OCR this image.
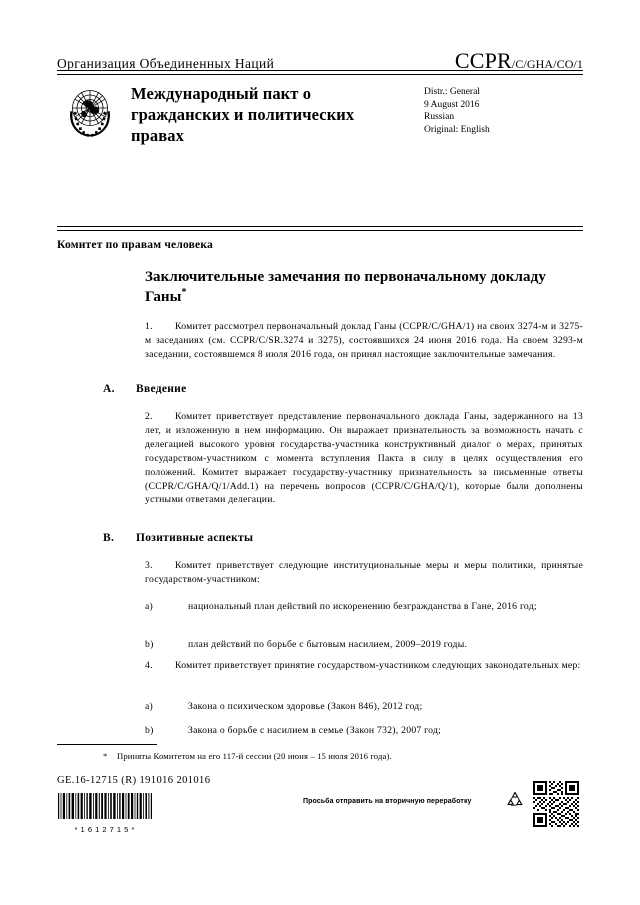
Организация Объединенных Наций	CCPR/C/GHA/CO/1
Международный пакт о гражданских и политических правах
Distr.: General
9 August 2016
Russian
Original: English
Комитет по правам человека
Заключительные замечания по первоначальному докладу Ганы*
1. Комитет рассмотрел первоначальный доклад Ганы (CCPR/C/GHA/1) на своих 3274-м и 3275-м заседаниях (см. CCPR/C/SR.3274 и 3275), состоявшихся 24 июня 2016 года. На своем 3293-м заседании, состоявшемся 8 июля 2016 года, он принял настоящие заключительные замечания.
A. Введение
2. Комитет приветствует представление первоначального доклада Ганы, задержанного на 13 лет, и изложенную в нем информацию. Он выражает признательность за возможность начать с делегацией высокого уровня государства-участника конструктивный диалог о мерах, принятых государством-участником с момента вступления Пакта в силу в целях осуществления его положений. Комитет выражает государству-участнику признательность за письменные ответы (CCPR/C/GHA/Q/1/Add.1) на перечень вопросов (CCPR/C/GHA/Q/1), которые были дополнены устными ответами делегации.
B. Позитивные аспекты
3. Комитет приветствует следующие институциональные меры и меры политики, принятые государством-участником:
a)	национальный план действий по искоренению безгражданства в Гане, 2016 год;
b)	план действий по борьбе с бытовым насилием, 2009–2019 годы.
4. Комитет приветствует принятие государством-участником следующих законодательных мер:
a)	Закона о психическом здоровье (Закон 846), 2012 год;
b)	Закона о борьбе с насилием в семье (Закон 732), 2007 год;
* Приняты Комитетом на его 117-й сессии (20 июня – 15 июля 2016 года).
GE.16-12715 (R) 191016 201016
*1612715*
Просьба отправить на вторичную переработку
